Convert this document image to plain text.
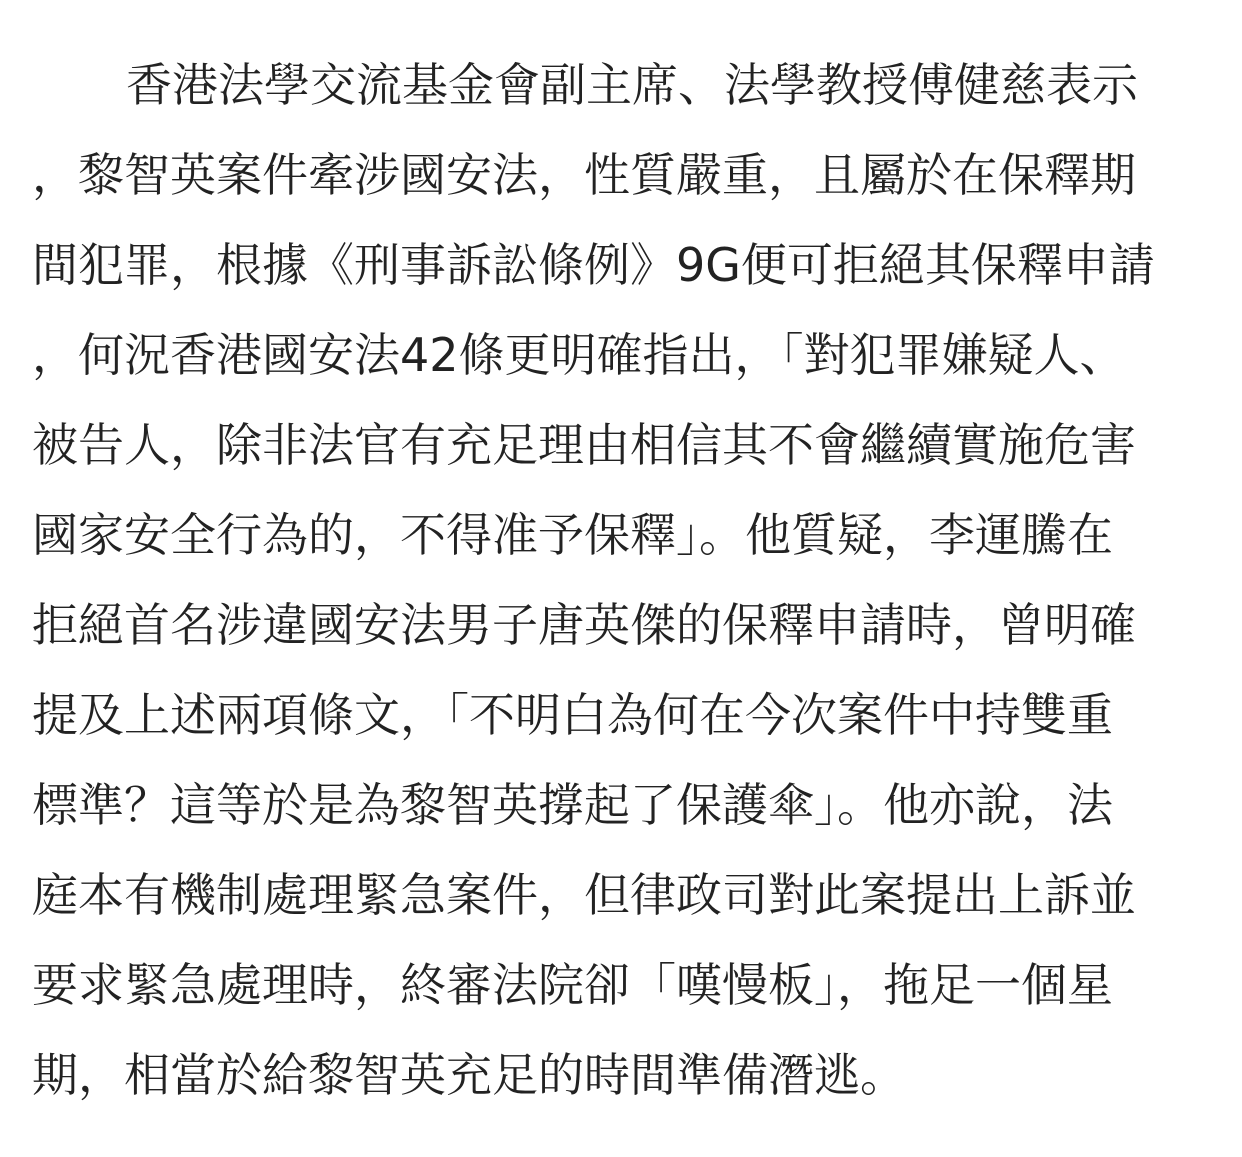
香港法學交流基金會副主席、法學教授傅健慈表示
，黎智英案件牽涉國安法，性質嚴重，且屬於在保釋期
間犯罪，根據《刑事訴訟條例》9G便可拒絕其保釋申請
，何況香港國安法42條更明確指出，「對犯罪嫌疑人、
被告人，除非法官有充足理由相信其不會繼續實施危害
國家安全行為的，不得准予保釋」。他質疑，李運騰在
拒絕首名涉違國安法男子唐英傑的保釋申請時，曾明確
提及上述兩項條文，「不明白為何在今次案件中持雙重
標準？這等於是為黎智英撐起了保護傘」。他亦說，法
庭本有機制處理緊急案件，但律政司對此案提出上訴並
要求緊急處理時，終審法院卻「嘆慢板」，拖足一個星
期，相當於給黎智英充足的時間準備潛逃。
